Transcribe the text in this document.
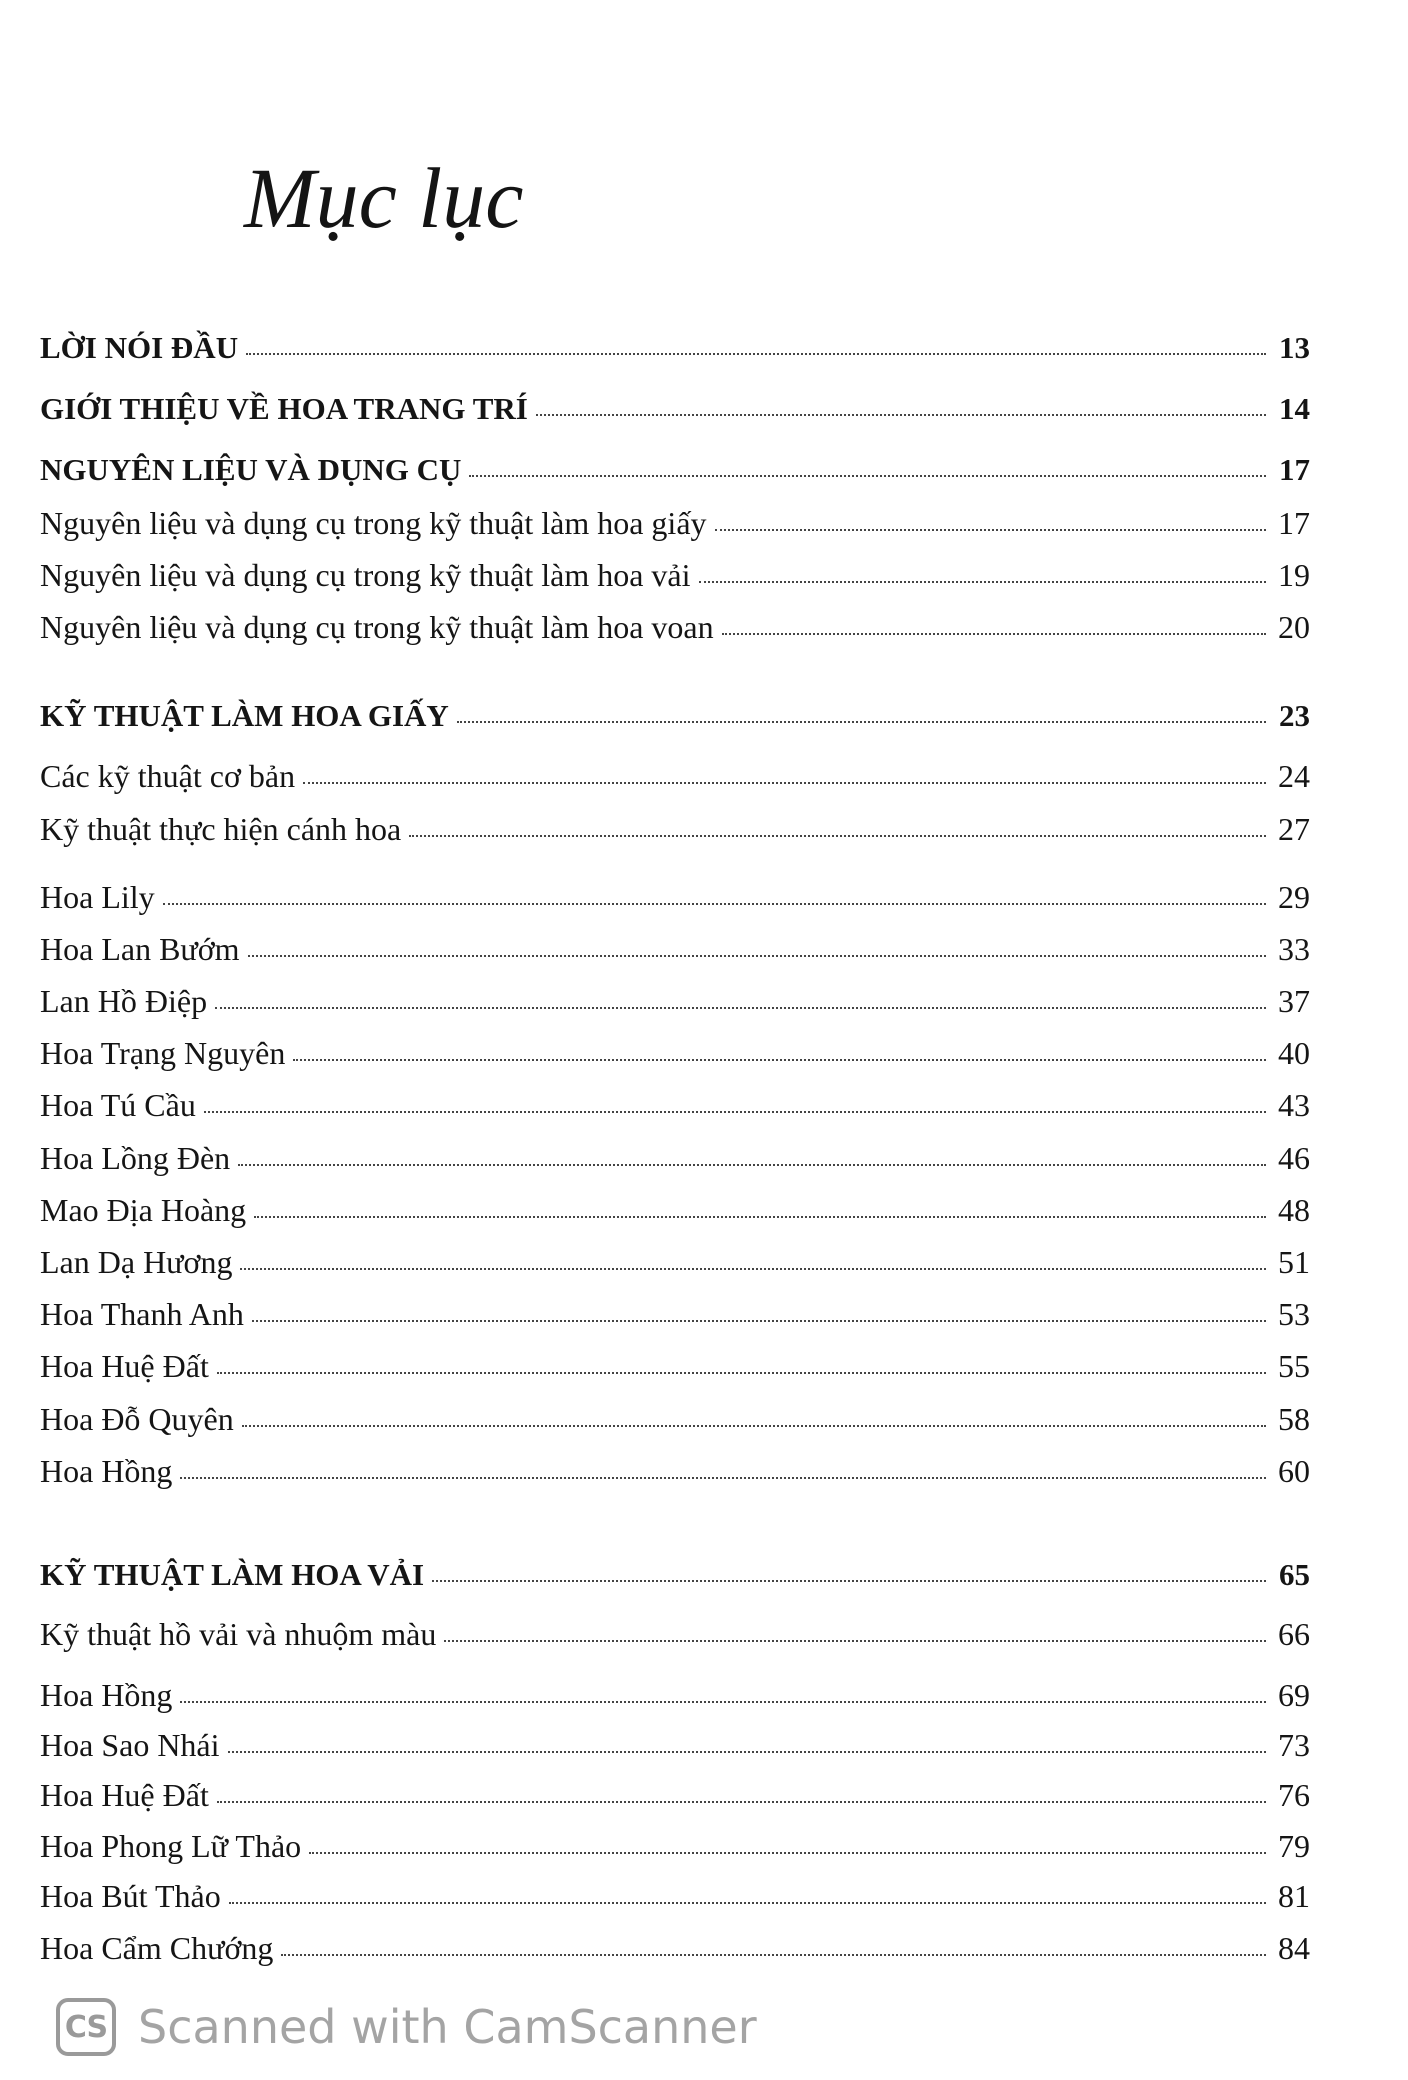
Mục lục
LỜI NÓI ĐẦU	13
GIỚI THIỆU VỀ HOA TRANG TRÍ	14
NGUYÊN LIỆU VÀ DỤNG CỤ	17
Nguyên liệu và dụng cụ trong kỹ thuật làm hoa giấy	17
Nguyên liệu và dụng cụ trong kỹ thuật làm hoa vải	19
Nguyên liệu và dụng cụ trong kỹ thuật làm hoa voan	20
KỸ THUẬT LÀM HOA GIẤY	23
Các kỹ thuật cơ bản	24
Kỹ thuật thực hiện cánh hoa	27
Hoa Lily	29
Hoa Lan Bướm	33
Lan Hồ Điệp	37
Hoa Trạng Nguyên	40
Hoa Tú Cầu	43
Hoa Lồng Đèn	46
Mao Địa Hoàng	48
Lan Dạ Hương	51
Hoa Thanh Anh	53
Hoa Huệ Đất	55
Hoa Đỗ Quyên	58
Hoa Hồng	60
KỸ THUẬT LÀM HOA VẢI	65
Kỹ thuật hồ vải và nhuộm màu	66
Hoa Hồng	69
Hoa Sao Nhái	73
Hoa Huệ Đất	76
Hoa Phong Lữ Thảo	79
Hoa Bút Thảo	81
Hoa Cẩm Chướng	84
CS Scanned with CamScanner
